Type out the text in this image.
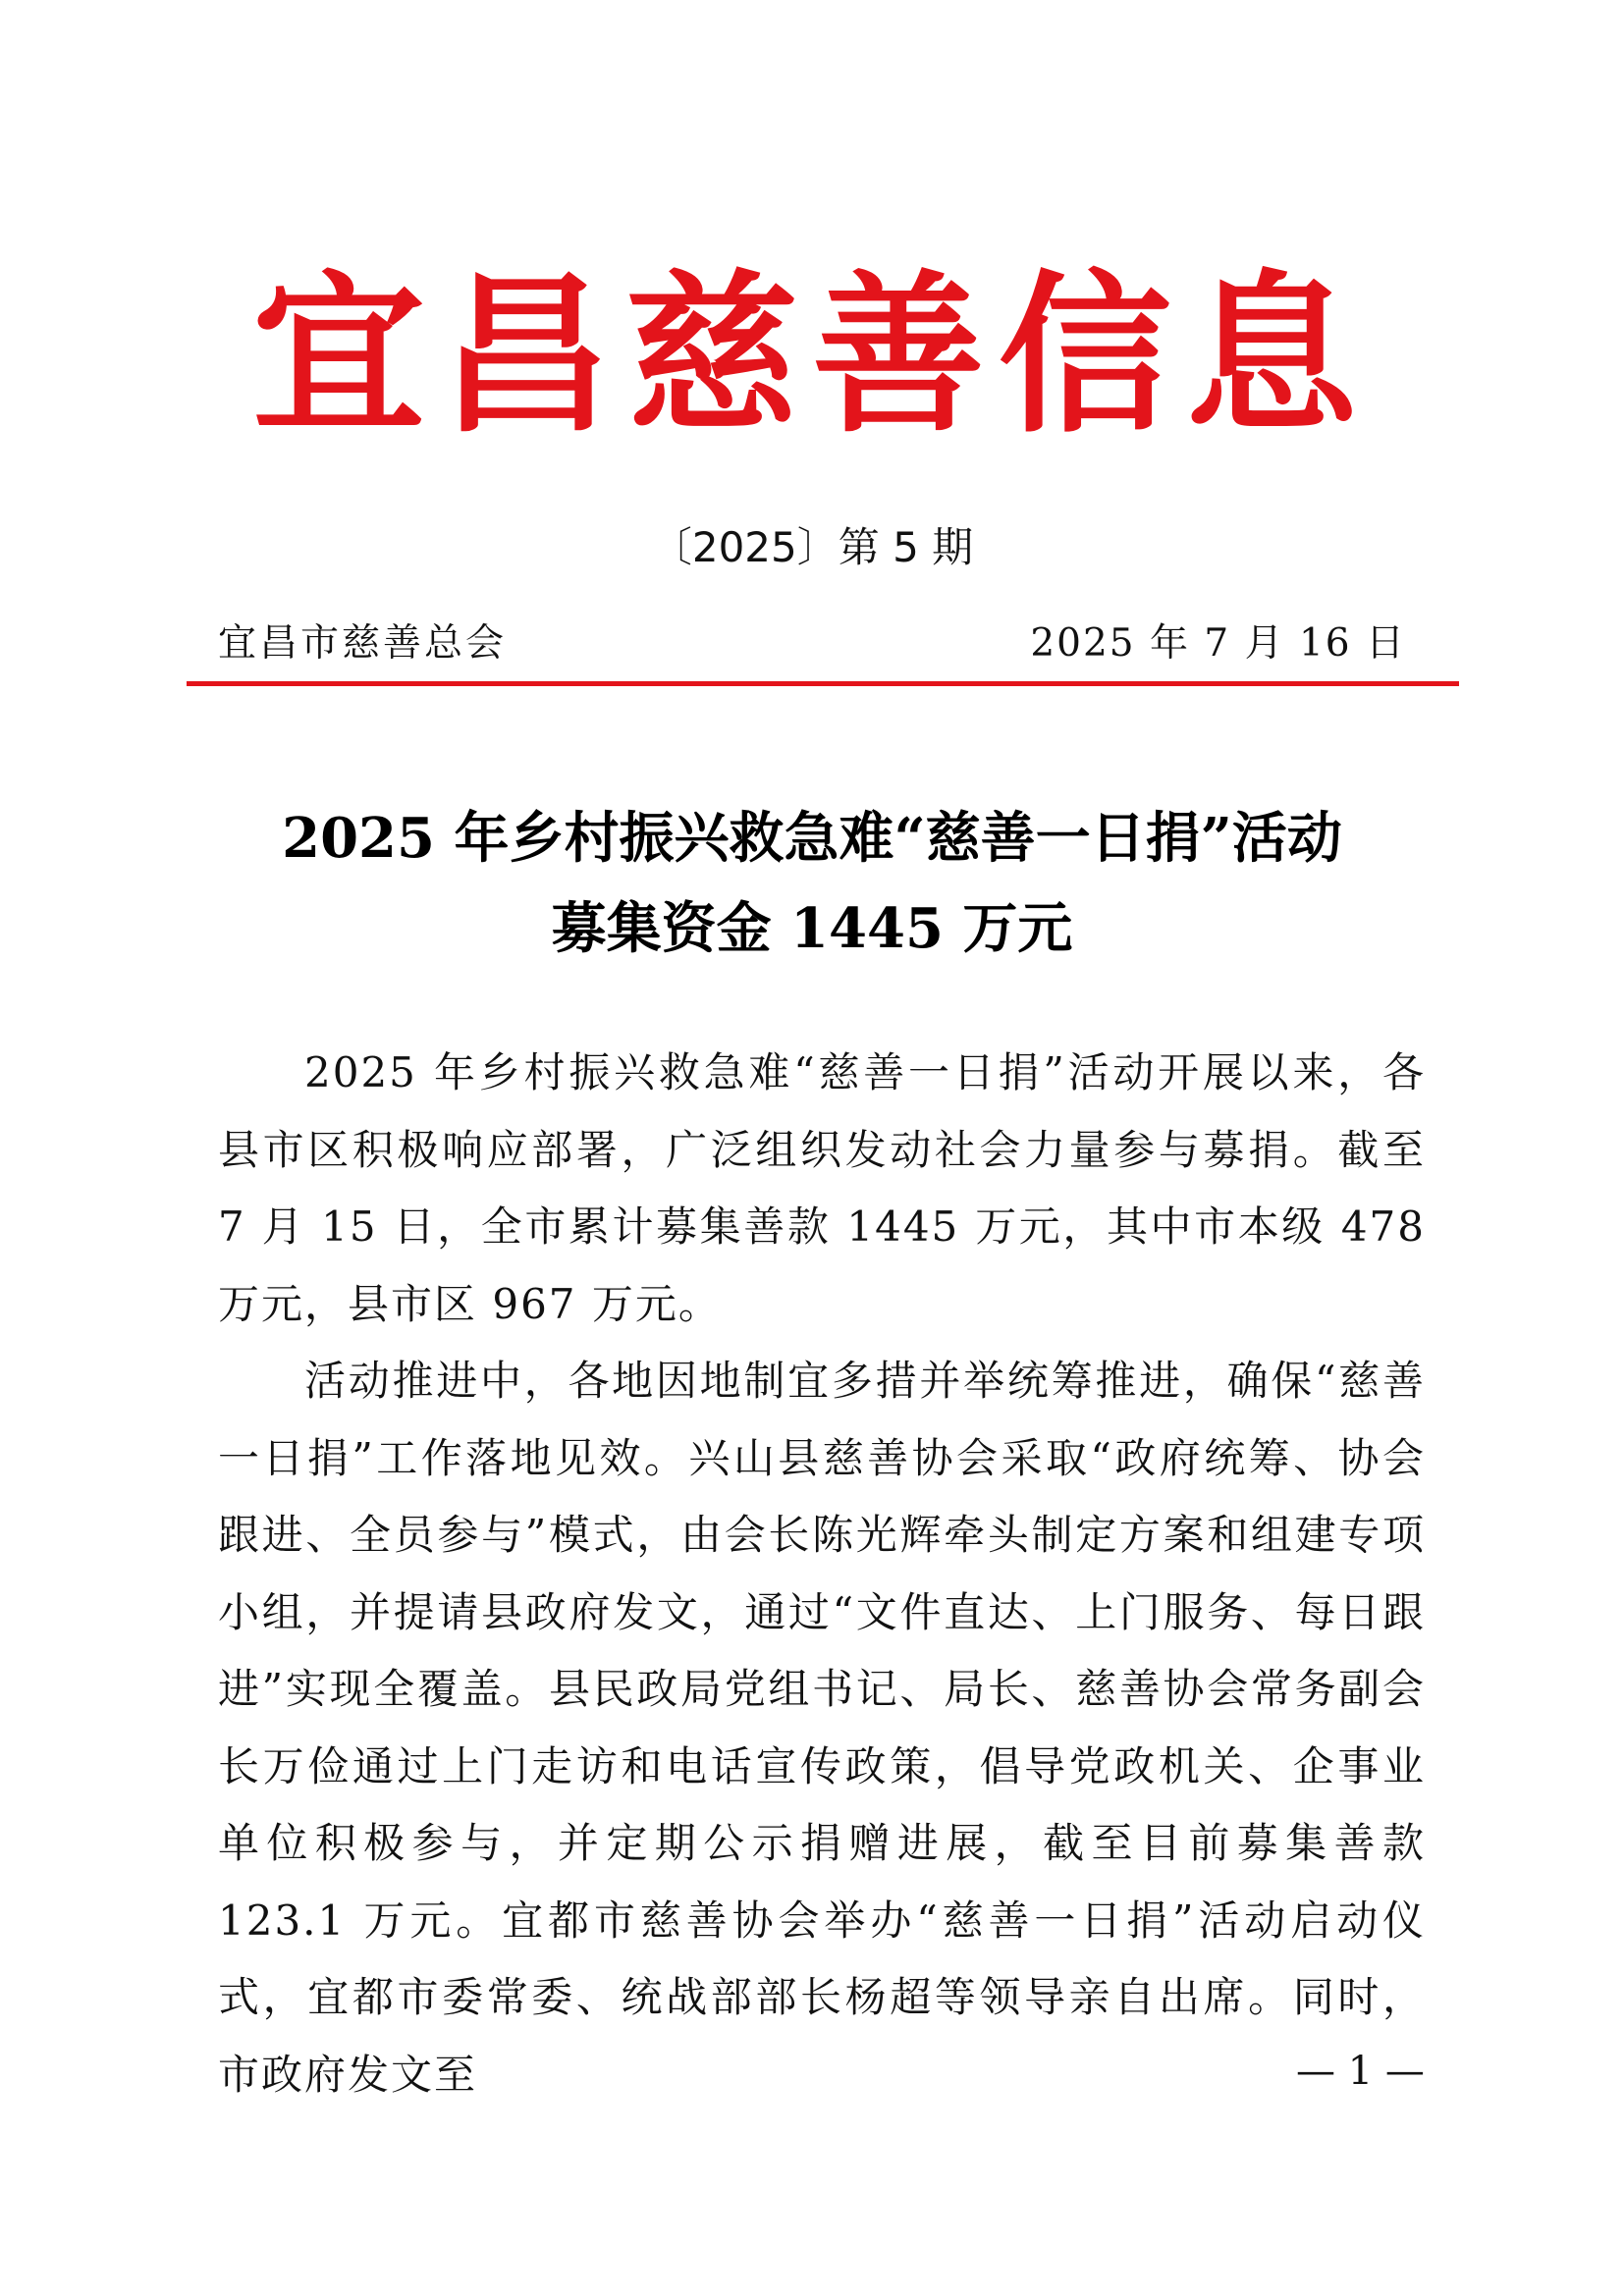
宜昌慈善信息
〔2025〕第 5 期
宜昌市慈善总会	2025 年 7 月 16 日
2025 年乡村振兴救急难“慈善一日捐”活动
募集资金 1445 万元

2025 年乡村振兴救急难“慈善一日捐”活动开展以来，各县市区积极响应部署，广泛组织发动社会力量参与募捐。截至 7 月 15 日，全市累计募集善款 1445 万元，其中市本级 478 万元，县市区 967 万元。

活动推进中，各地因地制宜多措并举统筹推进，确保“慈善一日捐”工作落地见效。兴山县慈善协会采取“政府统筹、协会跟进、全员参与”模式，由会长陈光辉牵头制定方案和组建专项小组，并提请县政府发文，通过“文件直达、上门服务、每日跟进”实现全覆盖。县民政局党组书记、局长、慈善协会常务副会长万俭通过上门走访和电话宣传政策，倡导党政机关、企事业单位积极参与，并定期公示捐赠进展，截至目前募集善款 123.1 万元。宜都市慈善协会举办“慈善一日捐”活动启动仪式，宜都市委常委、统战部部长杨超等领导亲自出席。同时，市政府发文至	— 1 —
